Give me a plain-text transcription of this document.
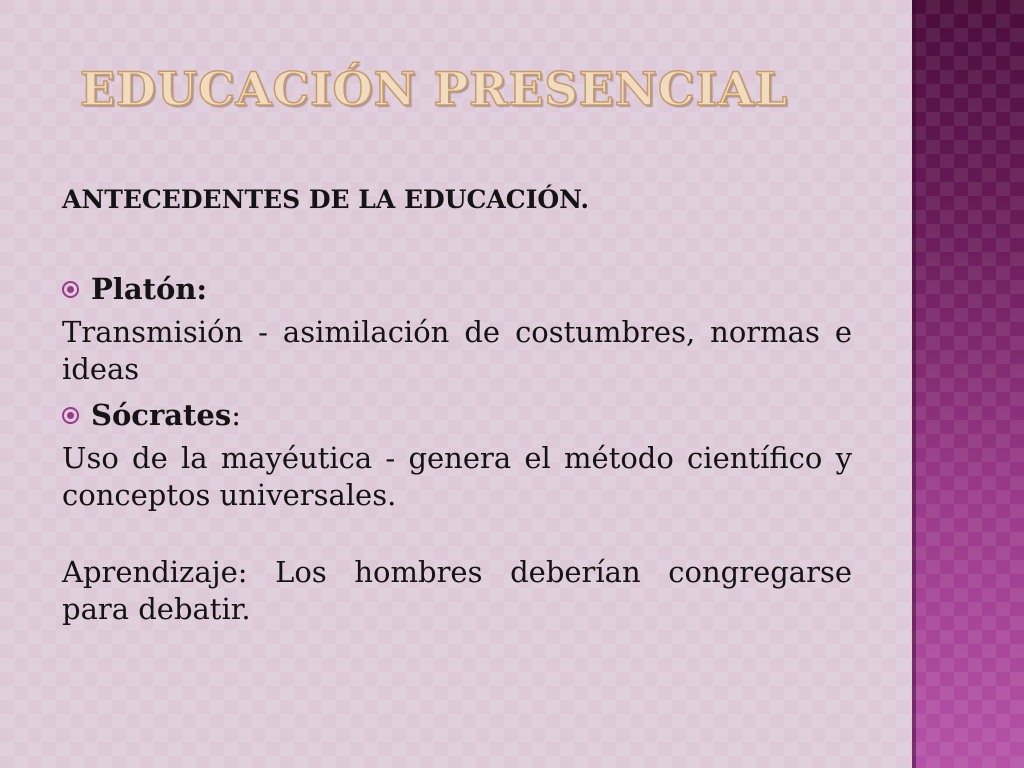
EDUCACIÓN PRESENCIAL

ANTECEDENTES DE LA EDUCACIÓN.

Platón:

Transmisión - asimilación de costumbres, normas e ideas

Sócrates :

Uso de la mayéutica - genera el método científico y conceptos universales.

Aprendizaje: Los hombres deberían congregarse para debatir.
